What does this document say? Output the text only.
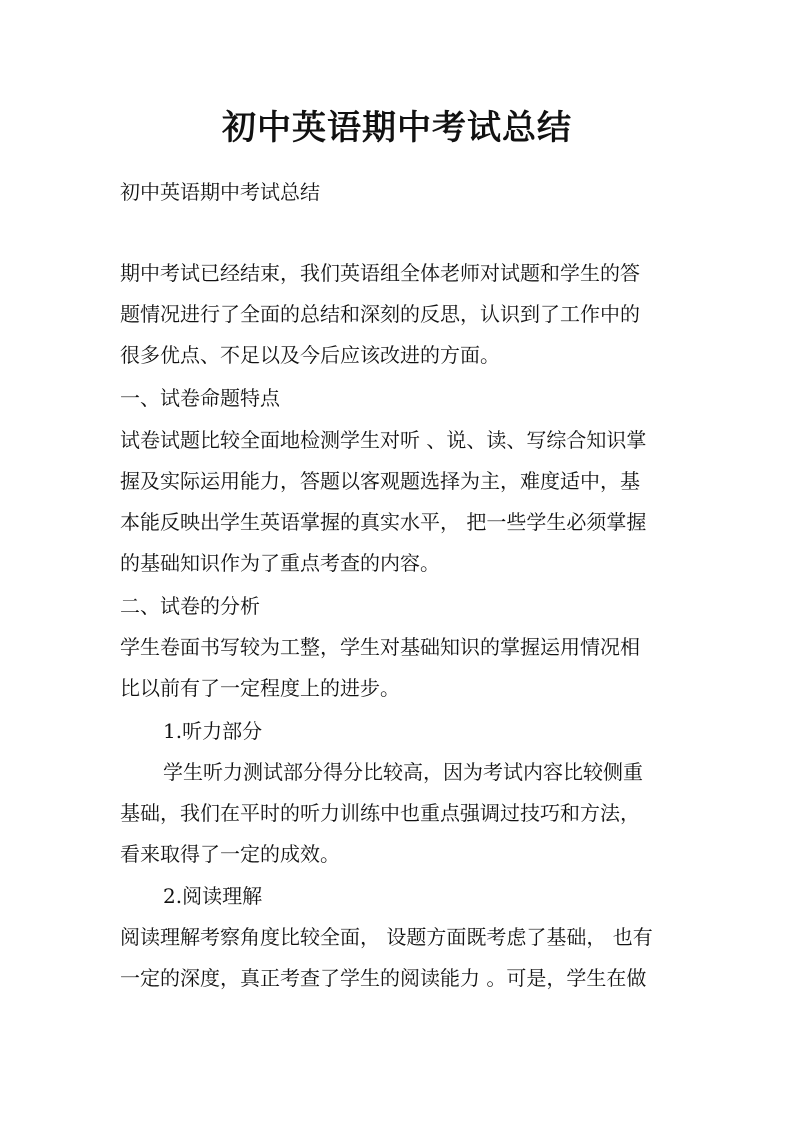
初中英语期中考试总结
初中英语期中考试总结
期中考试已经结束，我们英语组全体老师对试题和学生的答
题情况进行了全面的总结和深刻的反思，认识到了工作中的
很多优点、不足以及今后应该改进的方面。
一、试卷命题特点
试卷试题比较全面地检测学生对听 、说、读、写综合知识掌
握及实际运用能力，答题以客观题选择为主，难度适中，基
本能反映出学生英语掌握的真实水平， 把一些学生必须掌握
的基础知识作为了重点考查的内容。
二、试卷的分析
学生卷面书写较为工整，学生对基础知识的掌握运用情况相
比以前有了一定程度上的进步。
1.听力部分
学生听力测试部分得分比较高，因为考试内容比较侧重
基础，我们在平时的听力训练中也重点强调过技巧和方法，
看来取得了一定的成效。
2.阅读理解
阅读理解考察角度比较全面， 设题方面既考虑了基础， 也有
一定的深度，真正考查了学生的阅读能力 。可是，学生在做
